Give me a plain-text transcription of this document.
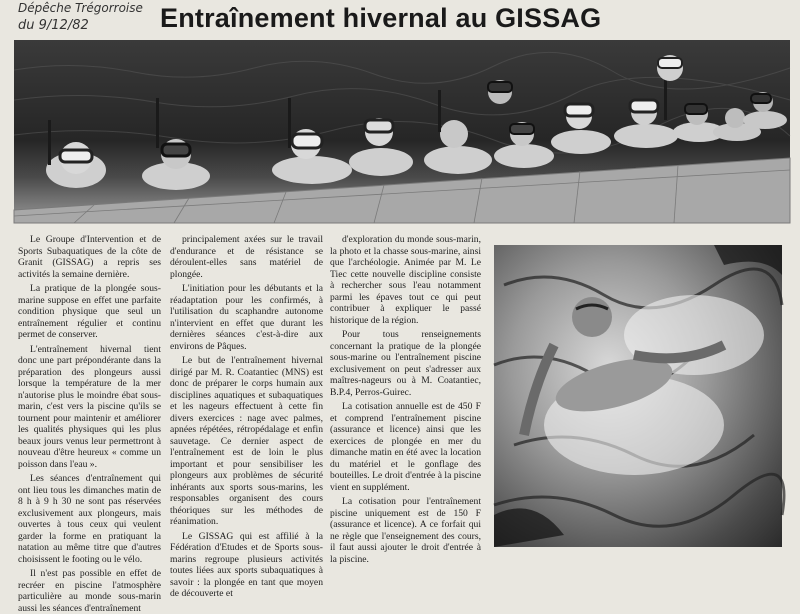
Dépêche Trégorroise
du 9/12/82	Entraînement hivernal au GISSAG

Le Groupe d'Intervention et de Sports Subaquatiques de la côte de Granit (GISSAG) a repris ses activités la semaine dernière.

La pratique de la plongée sous-marine suppose en effet une parfaite condition physique que seul un entraînement régulier et continu permet de conserver.

L'entraînement hivernal tient donc une part prépondérante dans la préparation des plongeurs aussi lorsque la température de la mer n'autorise plus le moindre ébat sous-marin, c'est vers la piscine qu'ils se tournent pour maintenir et améliorer les qualités physiques qui les plus beaux jours venus leur permettront à nouveau d'être heureux « comme un poisson dans l'eau ».

Les séances d'entraînement qui ont lieu tous les dimanches matin de 8 h à 9 h 30 ne sont pas réservées exclusivement aux plongeurs, mais ouvertes à tous ceux qui veulent garder la forme en pratiquant la natation au même titre que d'autres choisissent le footing ou le vélo.

Il n'est pas possible en effet de recréer en piscine l'atmosphère particulière au monde sous-marin aussi les séances d'entraînement

principalement axées sur le travail d'endurance et de résistance se déroulent-elles sans matériel de plongée.

L'initiation pour les débutants et la réadaptation pour les confirmés, à l'utilisation du scaphandre autonome n'intervient en effet que durant les dernières séances c'est-à-dire aux environs de Pâques.

Le but de l'entraînement hivernal dirigé par M. R. Coatantiec (MNS) est donc de préparer le corps humain aux disciplines aquatiques et subaquatiques et les nageurs effectuent à cette fin divers exercices : nage avec palmes, apnées répétées, rétropédalage et enfin sauvetage. Ce dernier aspect de l'entraînement est de loin le plus important et pour sensibiliser les plongeurs aux problèmes de sécurité inhérants aux sports sous-marins, les responsables organisent des cours théoriques sur les méthodes de réanimation.

Le GISSAG qui est affilié à la Fédération d'Etudes et de Sports sous-marins regroupe plusieurs activités toutes liées aux sports subaquatiques à savoir : la plongée en tant que moyen de découverte et

d'exploration du monde sous-marin, la photo et la chasse sous-marine, ainsi que l'archéologie. Animée par M. Le Tiec cette nouvelle discipline consiste à rechercher sous l'eau notamment parmi les épaves tout ce qui peut contribuer à expliquer le passé historique de la région.

Pour tous renseignements concernant la pratique de la plongée sous-marine ou l'entraînement piscine exclusivement on peut s'adresser aux maîtres-nageurs ou à M. Coatantiec, B.P.4, Perros-Guirec.

La cotisation annuelle est de 450 F et comprend l'entraînement piscine (assurance et licence) ainsi que les exercices de plongée en mer du dimanche matin en été avec la location du matériel et le gonflage des bouteilles. Le droit d'entrée à la piscine vient en supplément.

La cotisation pour l'entraînement piscine uniquement est de 150 F (assurance et licence). A ce forfait qui ne règle que l'enseignement des cours, il faut aussi ajouter le droit d'entrée à la piscine.
